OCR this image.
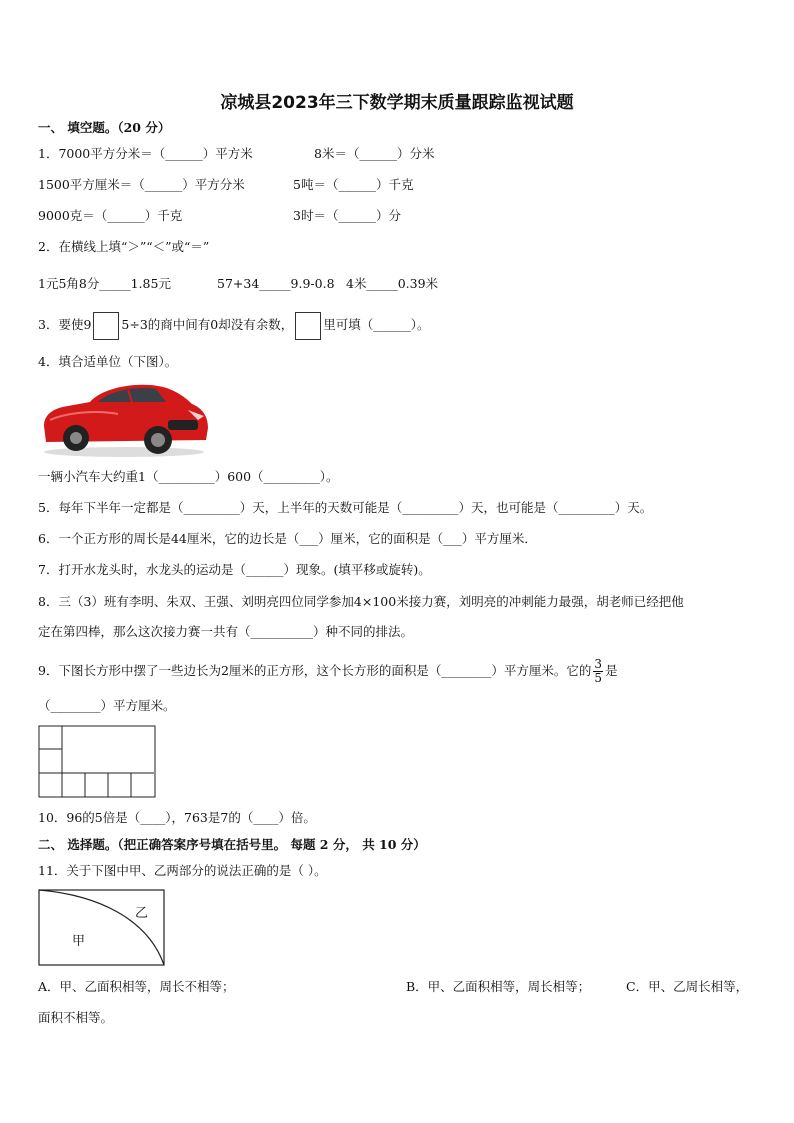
凉城县2023年三下数学期末质量跟踪监视试题
一、 填空题。（20 分）
1．7000平方分米＝（______）平方米	8米＝（______）分米
1500平方厘米＝（______）平方分米	5吨＝（______）千克
9000克＝（______）千克	3时＝（______）分
2．在横线上填“＞”“＜”或“＝”
1元5角8分_____1.85元	57+34_____9.9-0.8 4米_____0.39米
3．要使9 5÷3的商中间有0却没有余数， 里可填（______）。
4．填合适单位（下图）。
一辆小汽车大约重1（_________）600（_________）。
5．每年下半年一定都是（_________）天，上半年的天数可能是（_________）天，也可能是（_________）天。
6．一个正方形的周长是44厘米，它的边长是（___）厘米，它的面积是（___）平方厘米．
7．打开水龙头时，水龙头的运动是（______）现象。(填平移或旋转)。
8．三（3）班有李明、朱双、王强、刘明亮四位同学参加4×100米接力赛，刘明亮的冲刺能力最强，胡老师已经把他
定在第四棒，那么这次接力赛一共有（__________）种不同的排法。
9．下图长方形中摆了一些边长为2厘米的正方形，这个长方形的面积是（________）平方厘米。它的 $\frac{3}{5}$ 是
（________）平方厘米。
10．96的5倍是（____），763是7的（____）倍。
二、 选择题。（把正确答案序号填在括号里。 每题 2 分， 共 10 分）
11．关于下图中甲、乙两部分的说法正确的是（ ）。
甲
乙
A．甲、乙面积相等，周长不相等；	B．甲、乙面积相等，周长相等；	C．甲、乙周长相等，
面积不相等。
